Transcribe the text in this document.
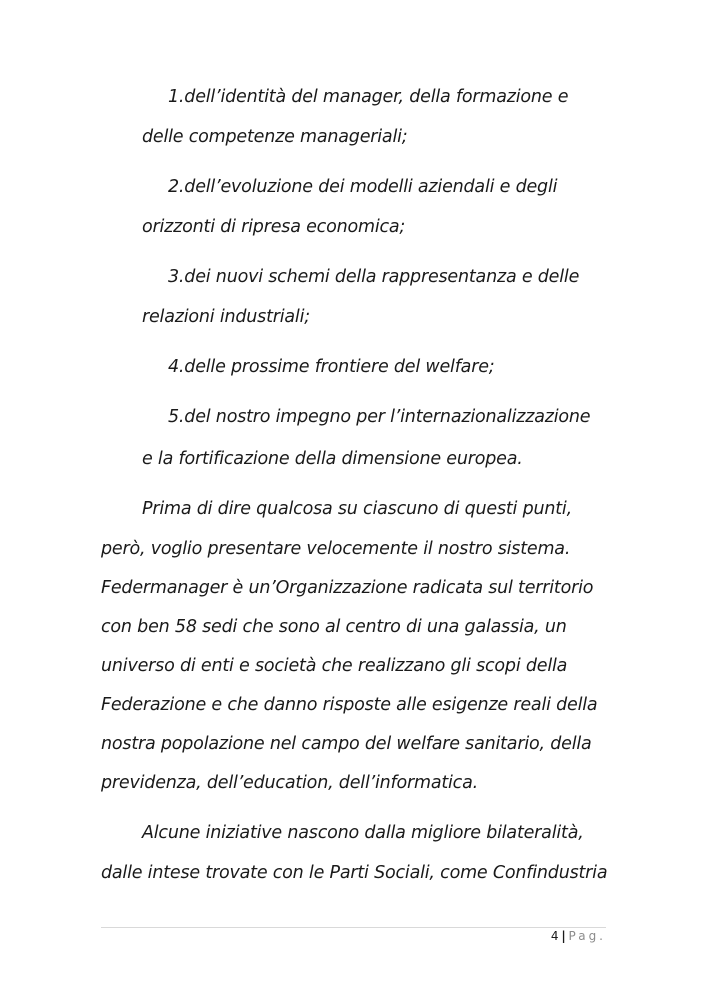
1.dell’identità del manager, della formazione e
delle competenze manageriali;
2.dell’evoluzione dei modelli aziendali e degli
orizzonti di ripresa economica;
3.dei nuovi schemi della rappresentanza e delle
relazioni industriali;
4.delle prossime frontiere del welfare;
5.del nostro impegno per l’internazionalizzazione
e la fortificazione della dimensione europea.
Prima di dire qualcosa su ciascuno di questi punti,
però, voglio presentare velocemente il nostro sistema.
Federmanager è un’Organizzazione radicata sul territorio
con ben 58 sedi che sono al centro di una galassia, un
universo di enti e società che realizzano gli scopi della
Federazione e che danno risposte alle esigenze reali della
nostra popolazione nel campo del welfare sanitario, della
previdenza, dell’education, dell’informatica.
Alcune iniziative nascono dalla migliore bilateralità,
dalle intese trovate con le Parti Sociali, come Confindustria
4 | Pag.
